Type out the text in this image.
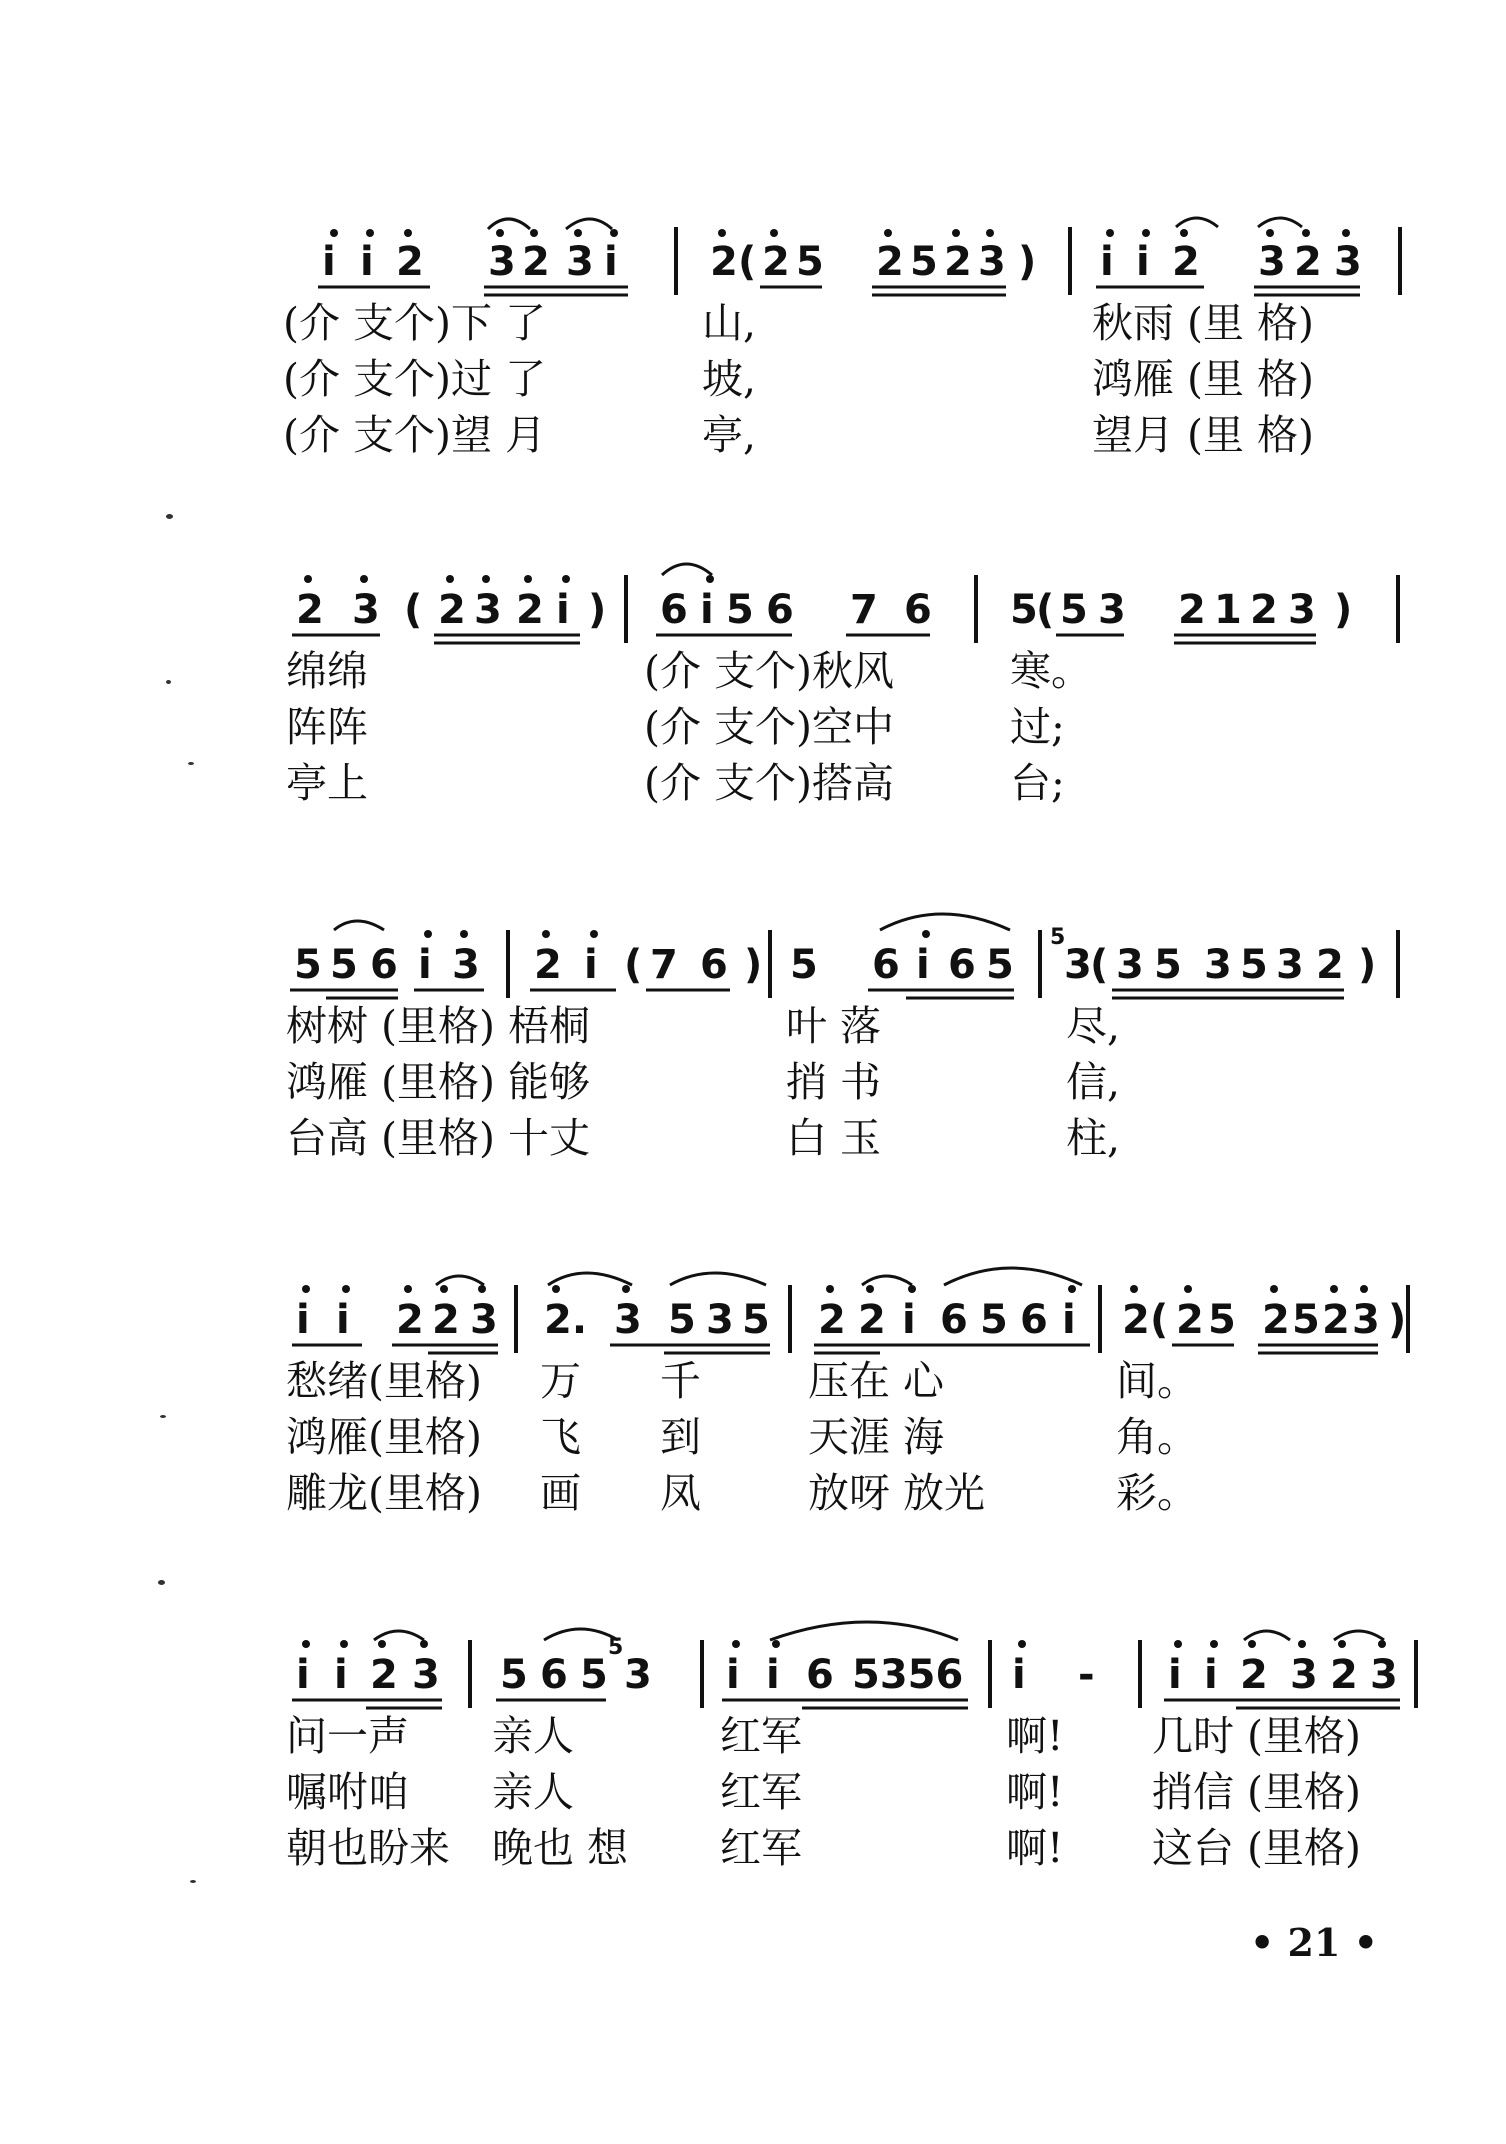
i i 2 3 2 3 i 2 ( 2 5 2 5 2 3 ) i i 2 3 2 3
(介 支个)下 了	山,	秋雨 (里 格)
(介 支个)过 了	坡,	鸿雁 (里 格)
(介 支个)望 月	亭,	望月 (里 格)
2 3 ( 2 3 2 i ) 6 i 5 6 7 6 5
( 5 3 2 1 2 3 )
绵绵	(介 支个)秋风	寒。
阵阵	(介 支个)空中	过;
亭上	(介 支个)搭高	台;
5 5 6 i 3 2 i ( 7 6 ) 5 6 i 6 5 3
( 3 5 3 5 3 2 )
5
树树 (里格) 梧桐	叶 落	尽,
鸿雁 (里格) 能够	捎 书	信,
台高 (里格) 十丈	白 玉	柱,
i i 2 2 3 2. 3 5 3 5 2 2 i 6 5 6 i 2 ( 2 5 2 5 2 3 )
愁绪(里格) 万 千	压在 心	间。
鸿雁(里格) 飞 到	天涯 海	角。
雕龙(里格) 画 凤	放呀 放光	彩。
i i 2 3 5 6 5 3
5
i i 6 5356 i - i i 2 3 2 3
问一声 亲人	红军	啊! 几时 (里格)
嘱咐咱 亲人	红军	啊! 捎信 (里格)
朝也盼来 晚也 想 红军	啊! 这台 (里格)
• 21 •
